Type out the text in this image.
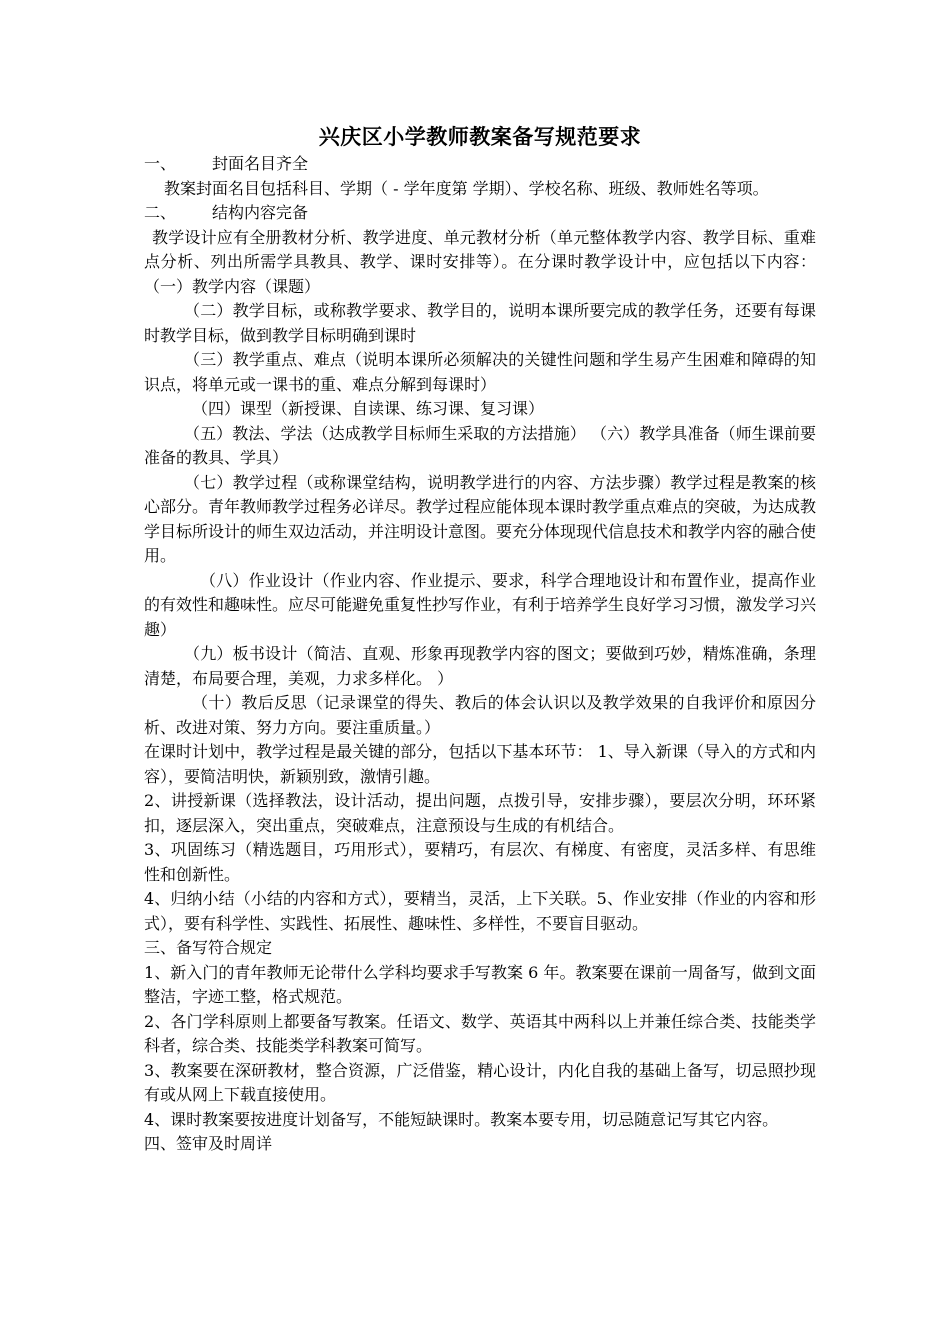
兴庆区小学教师教案备写规范要求

一、 封面名目齐全

教案封面名目包括科目、学期（ - 学年度第 学期）、学校名称、班级、教师姓名等项。

二、 结构内容完备

教学设计应有全册教材分析、教学进度、单元教材分析（单元整体教学内容、教学目标、重难点分析、列出所需学具教具、教学、课时安排等）。在分课时教学设计中，应包括以下内容： （一）教学内容（课题）

（二）教学目标，或称教学要求、教学目的，说明本课所要完成的教学任务，还要有每课时教学目标，做到教学目标明确到课时

（三）教学重点、难点（说明本课所必须解决的关键性问题和学生易产生困难和障碍的知识点，将单元或一课书的重、难点分解到每课时）

（四）课型（新授课、自读课、练习课、复习课）

（五）教法、学法（达成教学目标师生采取的方法措施） （六）教学具准备（师生课前要准备的教具、学具）

（七）教学过程（或称课堂结构，说明教学进行的内容、方法步骤）教学过程是教案的核心部分。青年教师教学过程务必详尽。教学过程应能体现本课时教学重点难点的突破，为达成教学目标所设计的师生双边活动，并注明设计意图。要充分体现现代信息技术和教学内容的融合使用。

（八）作业设计（作业内容、作业提示、要求，科学合理地设计和布置作业，提高作业的有效性和趣味性。应尽可能避免重复性抄写作业，有利于培养学生良好学习习惯，激发学习兴趣）

（九）板书设计（简洁、直观、形象再现教学内容的图文；要做到巧妙，精炼准确，条理清楚，布局要合理，美观，力求多样化。 ）

（十）教后反思（记录课堂的得失、教后的体会认识以及教学效果的自我评价和原因分析、改进对策、努力方向。要注重质量。）

在课时计划中，教学过程是最关键的部分，包括以下基本环节： 1、导入新课（导入的方式和内容），要简洁明快，新颖别致，激情引趣。

2、讲授新课（选择教法，设计活动，提出问题，点拨引导，安排步骤），要层次分明，环环紧扣，逐层深入，突出重点，突破难点，注意预设与生成的有机结合。

3、巩固练习（精选题目，巧用形式），要精巧，有层次、有梯度、有密度，灵活多样、有思维性和创新性。

4、归纳小结（小结的内容和方式），要精当，灵活，上下关联。5、作业安排（作业的内容和形式），要有科学性、实践性、拓展性、趣味性、多样性，不要盲目驱动。

三、备写符合规定

1、新入门的青年教师无论带什么学科均要求手写教案 6 年。教案要在课前一周备写，做到文面整洁，字迹工整，格式规范。

2、各门学科原则上都要备写教案。任语文、数学、英语其中两科以上并兼任综合类、技能类学科者，综合类、技能类学科教案可简写。

3、教案要在深研教材，整合资源，广泛借鉴，精心设计，内化自我的基础上备写，切忌照抄现有或从网上下载直接使用。

4、课时教案要按进度计划备写，不能短缺课时。教案本要专用，切忌随意记写其它内容。

四、签审及时周详
